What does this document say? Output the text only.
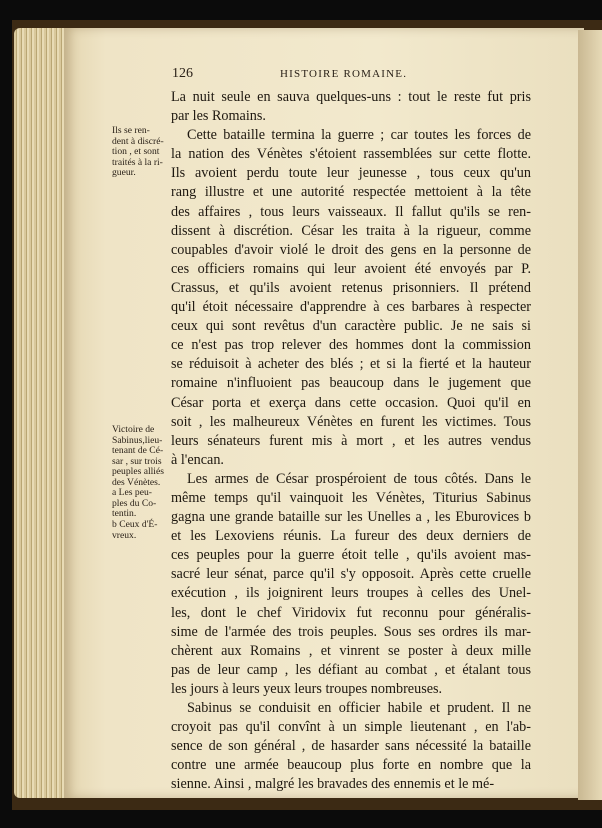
126	HISTOIRE ROMAINE.
Ils se ren-
dent à discré-
tion , et sont
traités à la ri-
gueur.
Victoire de
Sabinus,lieu-
tenant de Cé-
sar , sur trois
peuples alliés
des Vénètes.
a Les peu-
ples du Co-
tentin.
b Ceux d'É-
vreux.
La nuit seule en sauva quelques-uns : tout le reste fut pris
par les Romains.
Cette bataille termina la guerre ; car toutes les forces de
la nation des Vénètes s'étoient rassemblées sur cette flotte.
Ils avoient perdu toute leur jeunesse , tous ceux qu'un
rang illustre et une autorité respectée mettoient à la tête
des affaires , tous leurs vaisseaux. Il fallut qu'ils se ren-
dissent à discrétion. César les traita à la rigueur, comme
coupables d'avoir violé le droit des gens en la personne de
ces officiers romains qui leur avoient été envoyés par P.
Crassus, et qu'ils avoient retenus prisonniers. Il prétend
qu'il étoit nécessaire d'apprendre à ces barbares à respecter
ceux qui sont revêtus d'un caractère public. Je ne sais si
ce n'est pas trop relever des hommes dont la commission
se réduisoit à acheter des blés ; et si la fierté et la hauteur
romaine n'influoient pas beaucoup dans le jugement que
César porta et exerça dans cette occasion. Quoi qu'il en
soit , les malheureux Vénètes en furent les victimes. Tous
leurs sénateurs furent mis à mort , et les autres vendus
à l'encan.
Les armes de César prospéroient de tous côtés. Dans le
même temps qu'il vainquoit les Vénètes, Titurius Sabinus
gagna une grande bataille sur les Unelles a , les Eburovices b
et les Lexoviens réunis. La fureur des deux derniers de
ces peuples pour la guerre étoit telle , qu'ils avoient mas-
sacré leur sénat, parce qu'il s'y opposoit. Après cette cruelle
exécution , ils joignirent leurs troupes à celles des Unel-
les, dont le chef Viridovix fut reconnu pour généralis-
sime de l'armée des trois peuples. Sous ses ordres ils mar-
chèrent aux Romains , et vinrent se poster à deux mille
pas de leur camp , les défiant au combat , et étalant tous
les jours à leurs yeux leurs troupes nombreuses.
Sabinus se conduisit en officier habile et prudent. Il ne
croyoit pas qu'il convînt à un simple lieutenant , en l'ab-
sence de son général , de hasarder sans nécessité la bataille
contre une armée beaucoup plus forte en nombre que la
sienne. Ainsi , malgré les bravades des ennemis et le mé-
